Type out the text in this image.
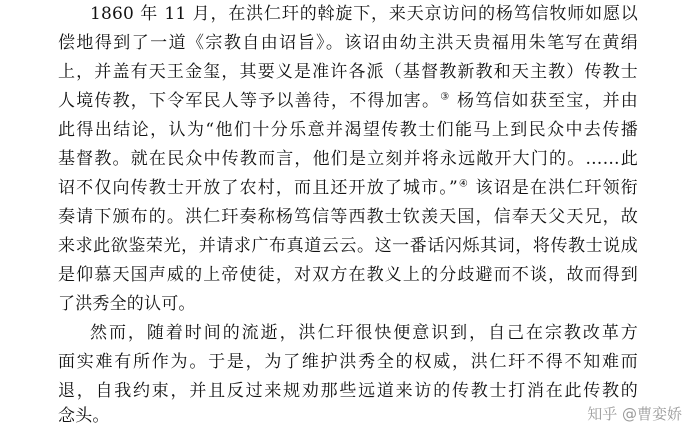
1860 年 11 月，在洪仁玕的斡旋下，来天京访问的杨笃信牧师如愿以
偿地得到了一道《宗教自由诏旨》。该诏由幼主洪天贵福用朱笔写在黄绢
上，并盖有天王金玺，其要义是准许各派（基督教新教和天主教）传教士
人境传教，下令军民人等予以善待，不得加害。③ 杨笃信如获至宝，并由
此得出结论，认为“他们十分乐意并渴望传教士们能马上到民众中去传播
基督教。就在民众中传教而言，他们是立刻并将永远敞开大门的。……此
诏不仅向传教士开放了农村，而且还开放了城市。”④ 该诏是在洪仁玕领衔
奏请下颁布的。洪仁玕奏称杨笃信等西教士钦羡天国，信奉天父天兄，故
来求此欲鉴荣光，并请求广布真道云云。这一番话闪烁其词，将传教士说成
是仰慕天国声威的上帝使徒，对双方在教义上的分歧避而不谈，故而得到
了洪秀全的认可。
然而，随着时间的流逝，洪仁玕很快便意识到，自己在宗教改革方
面实难有所作为。于是，为了维护洪秀全的权威，洪仁玕不得不知难而
退，自我约束，并且反过来规劝那些远道来访的传教士打消在此传教的
念头。	知乎 @曹娈娇
